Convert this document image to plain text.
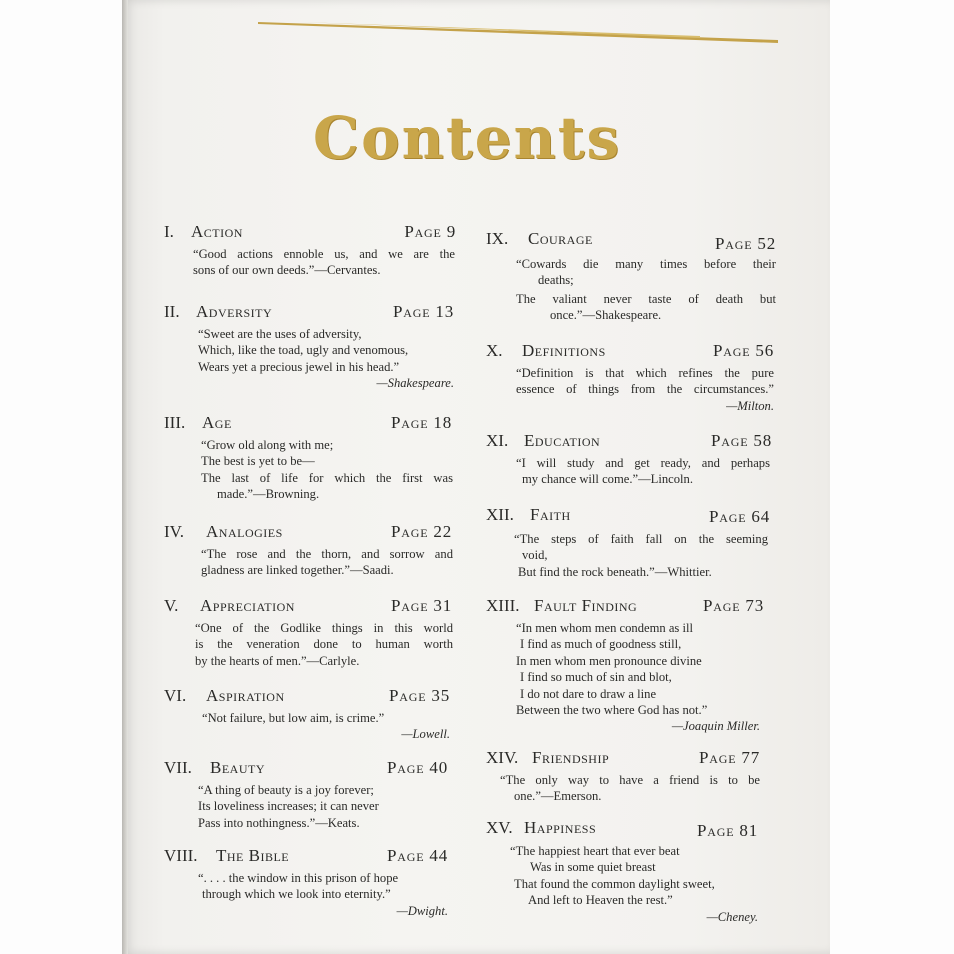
Contents
I. Action	Page 9
“Good actions ennoble us, and we are the
sons of our own deeds.”—Cervantes.
II. Adversity	Page 13
“Sweet are the uses of adversity,
Which, like the toad, ugly and venomous,
Wears yet a precious jewel in his head.”
—Shakespeare.
III. Age	Page 18
“Grow old along with me;
The best is yet to be—
The last of life for which the first was
made.”—Browning.
IV. Analogies	Page 22
“The rose and the thorn, and sorrow and
gladness are linked together.”—Saadi.
V. Appreciation	Page 31
“One of the Godlike things in this world
is the veneration done to human worth
by the hearts of men.”—Carlyle.
VI. Aspiration	Page 35
“Not failure, but low aim, is crime.”
—Lowell.
VII. Beauty	Page 40
“A thing of beauty is a joy forever;
Its loveliness increases; it can never
Pass into nothingness.”—Keats.
VIII. The Bible	Page 44
“. . . . the window in this prison of hope
through which we look into eternity.”
—Dwight.
IX. Courage	Page 52
“Cowards die many times before their
deaths;
The valiant never taste of death but
once.”—Shakespeare.
X. Definitions	Page 56
“Definition is that which refines the pure
essence of things from the circumstances.”
—Milton.
XI. Education	Page 58
“I will study and get ready, and perhaps
my chance will come.”—Lincoln.
XII. Faith	Page 64
“The steps of faith fall on the seeming
void,
But find the rock beneath.”—Whittier.
XIII. Fault Finding	Page 73
“In men whom men condemn as ill
I find as much of goodness still,
In men whom men pronounce divine
I find so much of sin and blot,
I do not dare to draw a line
Between the two where God has not.”
—Joaquin Miller.
XIV. Friendship	Page 77
“The only way to have a friend is to be
one.”—Emerson.
XV. Happiness	Page 81
“The happiest heart that ever beat
Was in some quiet breast
That found the common daylight sweet,
And left to Heaven the rest.”
—Cheney.
